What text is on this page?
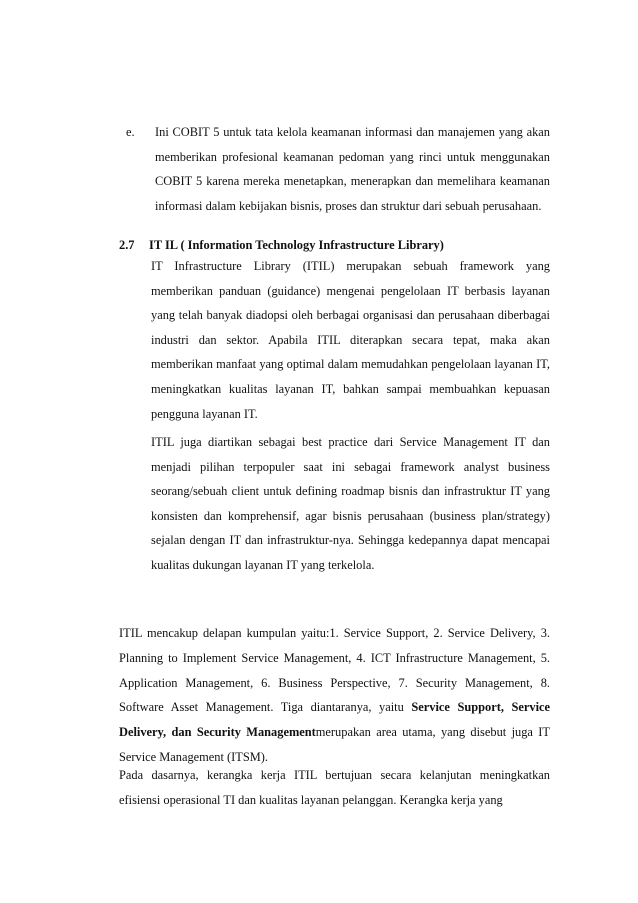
e.	Ini COBIT 5 untuk tata kelola keamanan informasi dan manajemen yang akan memberikan profesional keamanan pedoman yang rinci untuk menggunakan COBIT 5 karena mereka menetapkan, menerapkan dan memelihara keamanan informasi dalam kebijakan bisnis, proses dan struktur dari sebuah perusahaan.
2.7 IT IL ( Information Technology Infrastructure Library)
IT Infrastructure Library (ITIL) merupakan sebuah framework yang memberikan panduan (guidance) mengenai pengelolaan IT berbasis layanan yang telah banyak diadopsi oleh berbagai organisasi dan perusahaan diberbagai industri dan sektor. Apabila ITIL diterapkan secara tepat, maka akan memberikan manfaat yang optimal dalam memudahkan pengelolaan layanan IT, meningkatkan kualitas layanan IT, bahkan sampai membuahkan kepuasan pengguna layanan IT.
ITIL juga diartikan sebagai best practice dari Service Management IT dan menjadi pilihan terpopuler saat ini sebagai framework analyst business seorang/sebuah client untuk defining roadmap bisnis dan infrastruktur IT yang konsisten dan komprehensif, agar bisnis perusahaan (business plan/strategy) sejalan dengan IT dan infrastruktur-nya. Sehingga kedepannya dapat mencapai kualitas dukungan layanan IT yang terkelola.
ITIL mencakup delapan kumpulan yaitu:1. Service Support, 2. Service Delivery, 3. Planning to Implement Service Management, 4. ICT Infrastructure Management, 5. Application Management, 6. Business Perspective, 7. Security Management, 8. Software Asset Management. Tiga diantaranya, yaitu Service Support, Service Delivery, dan Security Managementmerupakan area utama, yang disebut juga IT Service Management (ITSM).
Pada dasarnya, kerangka kerja ITIL bertujuan secara kelanjutan meningkatkan efisiensi operasional TI dan kualitas layanan pelanggan. Kerangka kerja yang
